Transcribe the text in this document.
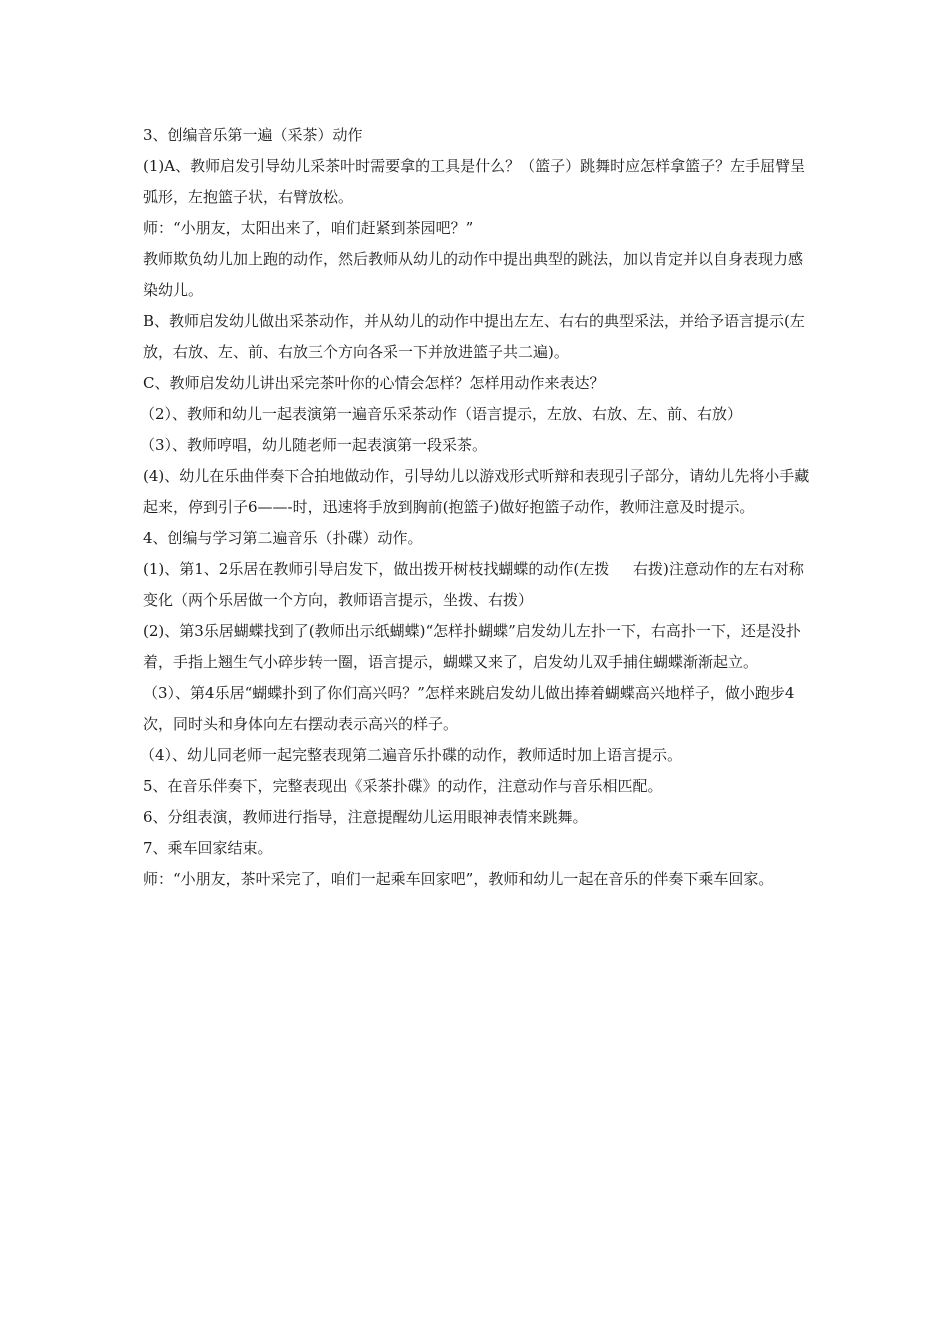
3、创编音乐第一遍（采茶）动作
(1)A、教师启发引导幼儿采茶叶时需要拿的工具是什么？（篮子）跳舞时应怎样拿篮子？左手屈臂呈弧形，左抱篮子状，右臂放松。
师：“小朋友，太阳出来了，咱们赶紧到茶园吧？”
教师欺负幼儿加上跑的动作，然后教师从幼儿的动作中提出典型的跳法，加以肯定并以自身表现力感染幼儿。
B、教师启发幼儿做出采茶动作，并从幼儿的动作中提出左左、右右的典型采法，并给予语言提示(左放，右放、左、前、右放三个方向各采一下并放进篮子共二遍)。
C、教师启发幼儿讲出采完茶叶你的心情会怎样？怎样用动作来表达？
（2）、教师和幼儿一起表演第一遍音乐采茶动作（语言提示，左放、右放、左、前、右放）
（3）、教师哼唱，幼儿随老师一起表演第一段采茶。
(4)、幼儿在乐曲伴奏下合拍地做动作，引导幼儿以游戏形式听辩和表现引子部分，请幼儿先将小手藏起来，停到引子6——-时，迅速将手放到胸前(抱篮子)做好抱篮子动作，教师注意及时提示。
4、创编与学习第二遍音乐（扑碟）动作。
(1)、第1、2乐居在教师引导启发下，做出拨开树枝找蝴蝶的动作(左拨     右拨)注意动作的左右对称变化（两个乐居做一个方向，教师语言提示，坐拨、右拨）
(2)、第3乐居蝴蝶找到了(教师出示纸蝴蝶)“怎样扑蝴蝶”启发幼儿左扑一下，右高扑一下，还是没扑着，手指上翘生气小碎步转一圈，语言提示，蝴蝶又来了，启发幼儿双手捕住蝴蝶渐渐起立。
（3）、第4乐居“蝴蝶扑到了你们高兴吗？”怎样来跳启发幼儿做出捧着蝴蝶高兴地样子，做小跑步4次，同时头和身体向左右摆动表示高兴的样子。
（4）、幼儿同老师一起完整表现第二遍音乐扑碟的动作，教师适时加上语言提示。
5、在音乐伴奏下，完整表现出《采茶扑碟》的动作，注意动作与音乐相匹配。
6、分组表演，教师进行指导，注意提醒幼儿运用眼神表情来跳舞。
7、乘车回家结束。
师：“小朋友，茶叶采完了，咱们一起乘车回家吧”，教师和幼儿一起在音乐的伴奏下乘车回家。
